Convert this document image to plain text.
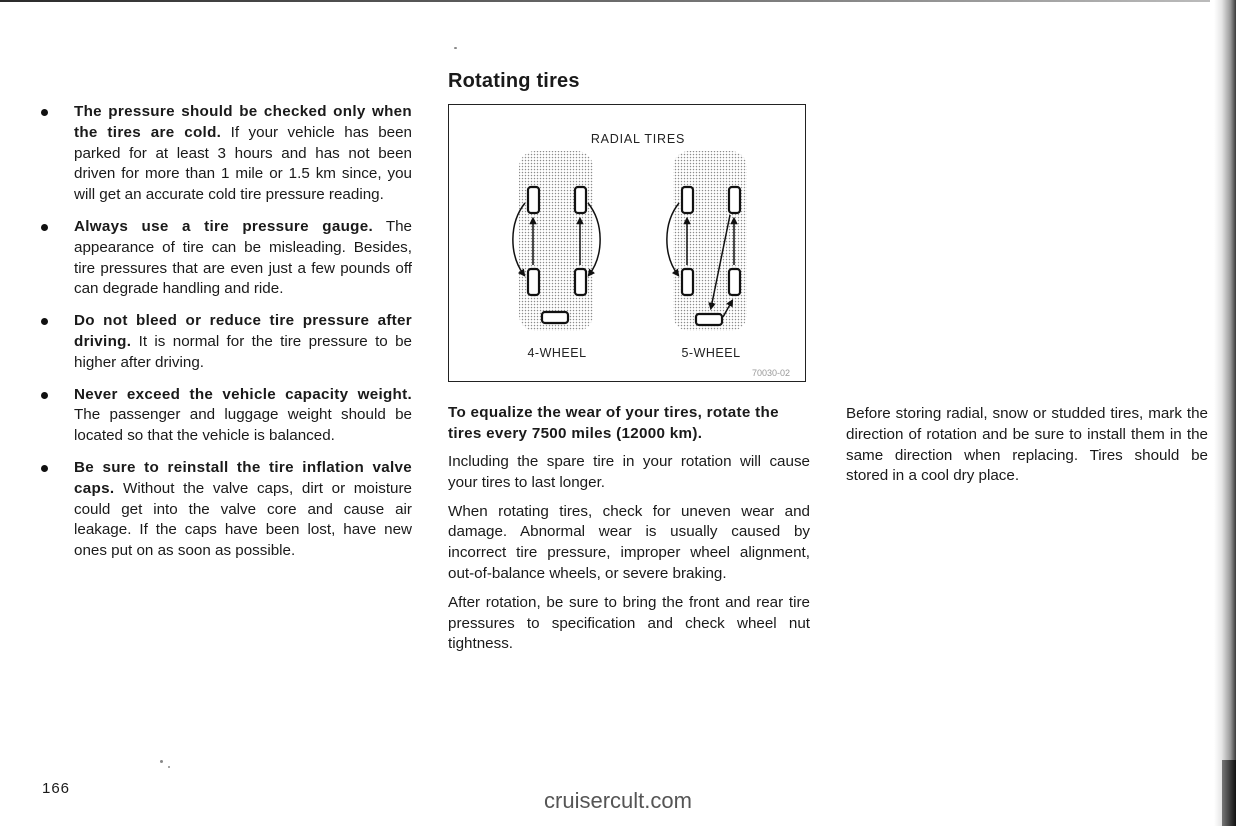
The pressure should be checked only when the tires are cold. If your vehicle has been parked for at least 3 hours and has not been driven for more than 1 mile or 1.5 km since, you will get an accurate cold tire pressure reading.
Always use a tire pressure gauge. The appearance of tire can be misleading. Besides, tire pressures that are even just a few pounds off can degrade handling and ride.
Do not bleed or reduce tire pressure after driving. It is normal for the tire pressure to be higher after driving.
Never exceed the vehicle capacity weight. The passenger and luggage weight should be located so that the vehicle is balanced.
Be sure to reinstall the tire inflation valve caps. Without the valve caps, dirt or moisture could get into the valve core and cause air leakage. If the caps have been lost, have new ones put on as soon as possible.
Rotating tires
RADIAL TIRES
4-WHEEL	5-WHEEL
70030-02

To equalize the wear of your tires, rotate the tires every 7500 miles (12000 km).

Including the spare tire in your rotation will cause your tires to last longer.

When rotating tires, check for uneven wear and damage. Abnormal wear is usually caused by incorrect tire pressure, improper wheel alignment, out-of-balance wheels, or severe braking.

After rotation, be sure to bring the front and rear tire pressures to specification and check wheel nut tightness.

Before storing radial, snow or studded tires, mark the direction of rotation and be sure to install them in the same direction when replacing. Tires should be stored in a cool dry place.

166	cruisercult.com
